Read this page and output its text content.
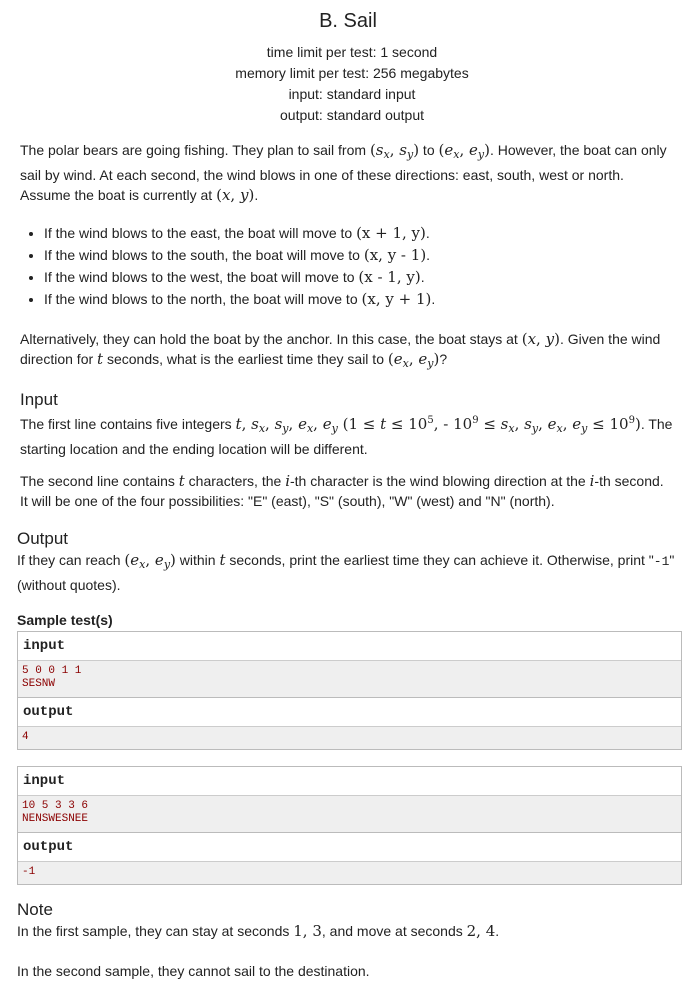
B. Sail
time limit per test: 1 second
memory limit per test: 256 megabytes
input: standard input
output: standard output
The polar bears are going fishing. They plan to sail from ($s_x$, $s_y$) to ($e_x$, $e_y$). However, the boat can only
sail by wind. At each second, the wind blows in one of these directions: east, south, west or north.
Assume the boat is currently at (x, y).
• If the wind blows to the east, the boat will move to (x + 1, y).
• If the wind blows to the south, the boat will move to (x, y - 1).
• If the wind blows to the west, the boat will move to (x - 1, y).
• If the wind blows to the north, the boat will move to (x, y + 1).
Alternatively, they can hold the boat by the anchor. In this case, the boat stays at (x, y). Given the wind
direction for t seconds, what is the earliest time they sail to ($e_x$, $e_y$)?
Input
The first line contains five integers t, $s_x$, $s_y$, $e_x$, $e_y$ ($1 \le t \le 10^5$, - $10^9 \le s_x$, $s_y$, $e_x$, $e_y \le 10^9$). The
starting location and the ending location will be different.
The second line contains t characters, the i-th character is the wind blowing direction at the i-th second.
It will be one of the four possibilities: "E" (east), "S" (south), "W" (west) and "N" (north).
Output
If they can reach ($e_x$, $e_y$) within t seconds, print the earliest time they can achieve it. Otherwise, print "-1"
(without quotes).
Sample test(s)
input
5 0 0 1 1
SESNW
output
4
input
10 5 3 3 6
NENSWESNEE
output
-1
Note
In the first sample, they can stay at seconds 1, 3, and move at seconds 2, 4.
In the second sample, they cannot sail to the destination.
